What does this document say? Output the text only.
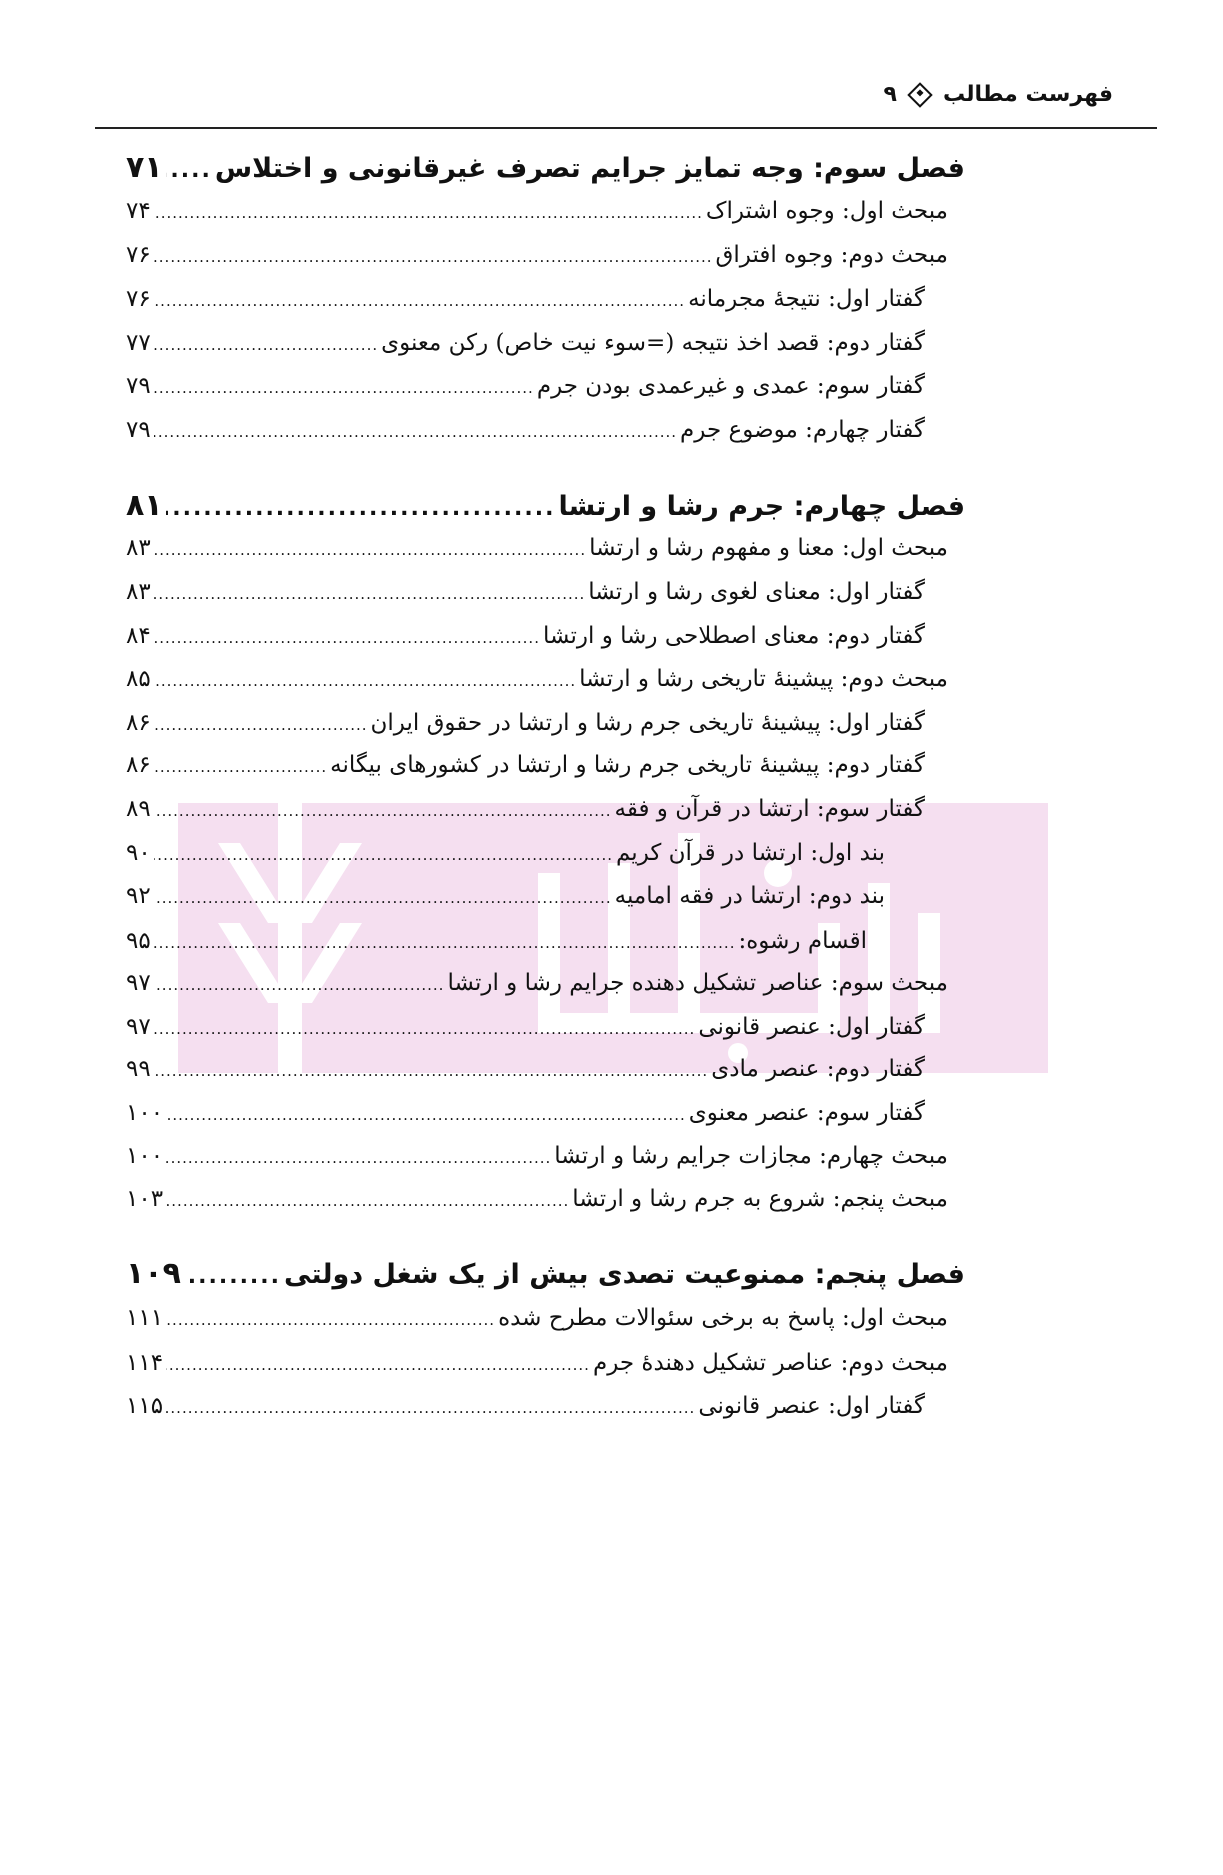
فهرست مطالب
۹
فصل سوم: وجه تمایز جرایم تصرف غیرقانونی و اختلاس
.....
۷۱
مبحث اول: وجوه اشتراک
.....
۷۴
مبحث دوم: وجوه افتراق
.....
۷۶
گفتار اول: نتیجهٔ مجرمانه
.....
۷۶
گفتار دوم: قصد اخذ نتیجه (=سوء نیت خاص) رکن معنوی
.....
۷۷
گفتار سوم: عمدی و غیرعمدی بودن جرم
.....
۷۹
گفتار چهارم: موضوع جرم
.....
۷۹
فصل چهارم: جرم رشا و ارتشا
.....
۸۱
مبحث اول: معنا و مفهوم رشا و ارتشا
.....
۸۳
گفتار اول: معنای لغوی رشا و ارتشا
.....
۸۳
گفتار دوم: معنای اصطلاحی رشا و ارتشا
.....
۸۴
مبحث دوم: پیشینهٔ تاریخی رشا و ارتشا
.....
۸۵
گفتار اول: پیشینهٔ تاریخی جرم رشا و ارتشا در حقوق ایران
.....
۸۶
گفتار دوم: پیشینهٔ تاریخی جرم رشا و ارتشا در کشورهای بیگانه
.....
۸۶
گفتار سوم: ارتشا در قرآن و فقه
.....
۸۹
بند اول: ارتشا در قرآن کریم
.....
۹۰
بند دوم: ارتشا در فقه امامیه
.....
۹۲
اقسام رشوه:
.....
۹۵
مبحث سوم: عناصر تشکیل دهنده جرایم رشا و ارتشا
.....
۹۷
گفتار اول: عنصر قانونی
.....
۹۷
گفتار دوم: عنصر مادی
.....
۹۹
گفتار سوم: عنصر معنوی
.....
۱۰۰
مبحث چهارم: مجازات جرایم رشا و ارتشا
.....
۱۰۰
مبحث پنجم: شروع به جرم رشا و ارتشا
.....
۱۰۳
فصل پنجم: ممنوعیت تصدی بیش از یک شغل دولتی
.....
۱۰۹
مبحث اول: پاسخ به برخی سئوالات مطرح شده
.....
۱۱۱
مبحث دوم: عناصر تشکیل دهندهٔ جرم
.....
۱۱۴
گفتار اول: عنصر قانونی
.....
۱۱۵
